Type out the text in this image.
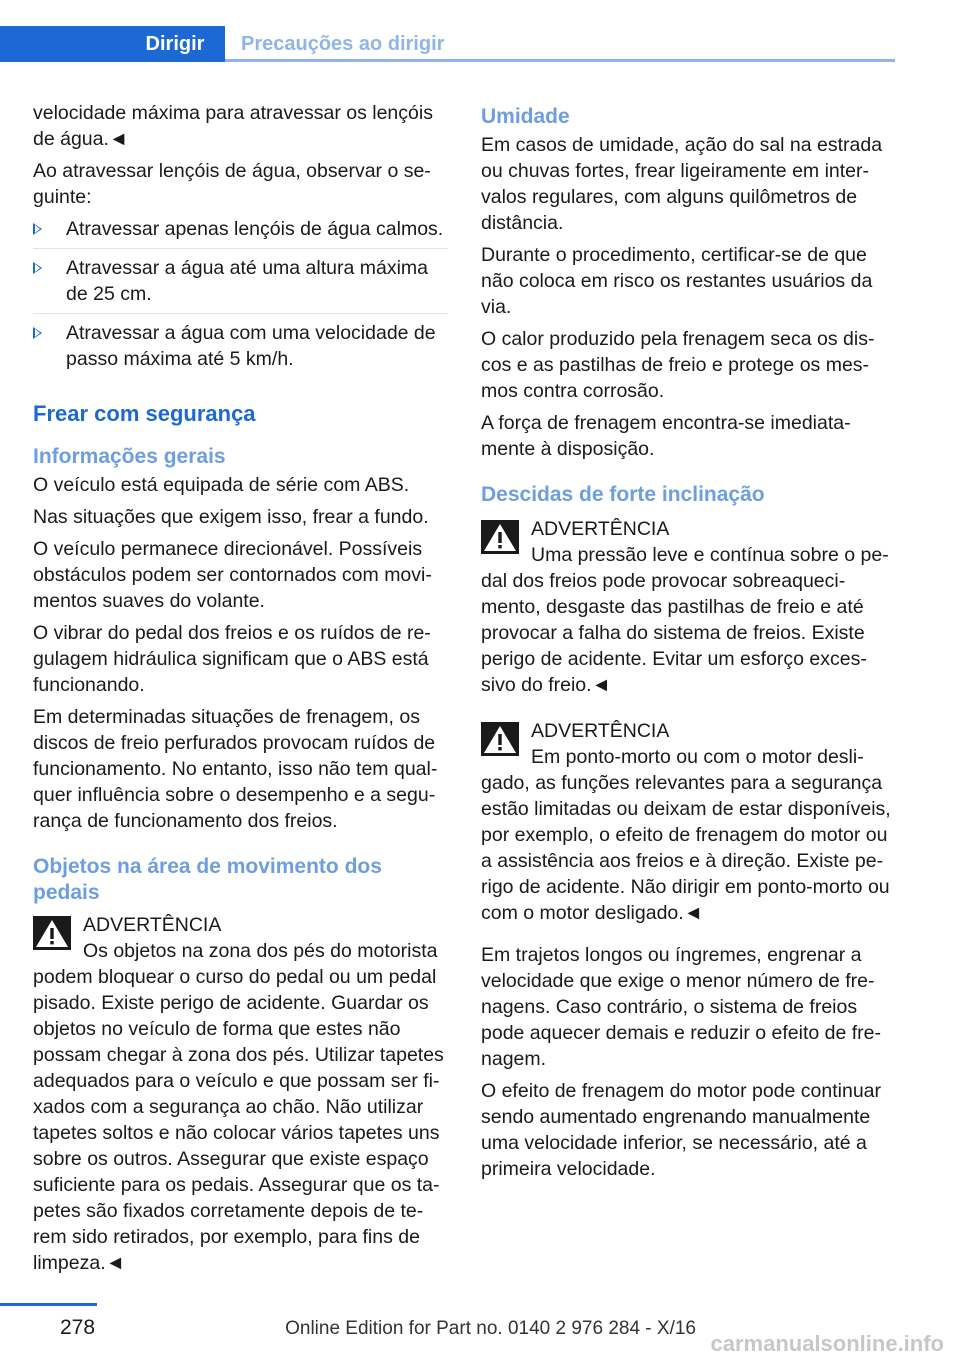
Dirigir	Precauções ao dirigir

velocidade máxima para atravessar os lençóis de água.◄

Ao atravessar lençóis de água, observar o se‐guinte:

Atravessar apenas lençóis de água calmos.
Atravessar a água até uma altura máxima de 25 cm.
Atravessar a água com uma velocidade de passo máxima até 5 km/h.
Frear com segurança
Informações gerais

O veículo está equipada de série com ABS.

Nas situações que exigem isso, frear a fundo.

O veículo permanece direcionável. Possíveis obstáculos podem ser contornados com movi‐mentos suaves do volante.

O vibrar do pedal dos freios e os ruídos de re‐gulagem hidráulica significam que o ABS está funcionando.

Em determinadas situações de frenagem, os discos de freio perfurados provocam ruídos de funcionamento. No entanto, isso não tem qual‐quer influência sobre o desempenho e a segu‐rança de funcionamento dos freios.

Objetos na área de movimento dos pedais
ADVERTÊNCIA

Os objetos na zona dos pés do motorista podem bloquear o curso do pedal ou um pedal pisado. Existe perigo de acidente. Guardar os objetos no veículo de forma que estes não possam chegar à zona dos pés. Utilizar tapetes adequados para o veículo e que possam ser fi‐xados com a segurança ao chão. Não utilizar tapetes soltos e não colocar vários tapetes uns sobre os outros. Assegurar que existe espaço suficiente para os pedais. Assegurar que os ta‐petes são fixados corretamente depois de te‐rem sido retirados, por exemplo, para fins de limpeza.◄

Umidade

Em casos de umidade, ação do sal na estrada ou chuvas fortes, frear ligeiramente em inter‐valos regulares, com alguns quilômetros de distância.

Durante o procedimento, certificar-se de que não coloca em risco os restantes usuários da via.

O calor produzido pela frenagem seca os dis‐cos e as pastilhas de freio e protege os mes‐mos contra corrosão.

A força de frenagem encontra-se imediata‐mente à disposição.

Descidas de forte inclinação
ADVERTÊNCIA

Uma pressão leve e contínua sobre o pe‐dal dos freios pode provocar sobreaqueci‐mento, desgaste das pastilhas de freio e até provocar a falha do sistema de freios. Existe perigo de acidente. Evitar um esforço exces‐sivo do freio.◄

ADVERTÊNCIA

Em ponto-morto ou com o motor desli‐gado, as funções relevantes para a segurança estão limitadas ou deixam de estar disponíveis, por exemplo, o efeito de frenagem do motor ou a assistência aos freios e à direção. Existe pe‐rigo de acidente. Não dirigir em ponto-morto ou com o motor desligado.◄

Em trajetos longos ou íngremes, engrenar a velocidade que exige o menor número de fre‐nagens. Caso contrário, o sistema de freios pode aquecer demais e reduzir o efeito de fre‐nagem.

O efeito de frenagem do motor pode continuar sendo aumentado engrenando manualmente uma velocidade inferior, se necessário, até a primeira velocidade.

278	Online Edition for Part no. 0140 2 976 284 - X/16
carmanualsonline.info
